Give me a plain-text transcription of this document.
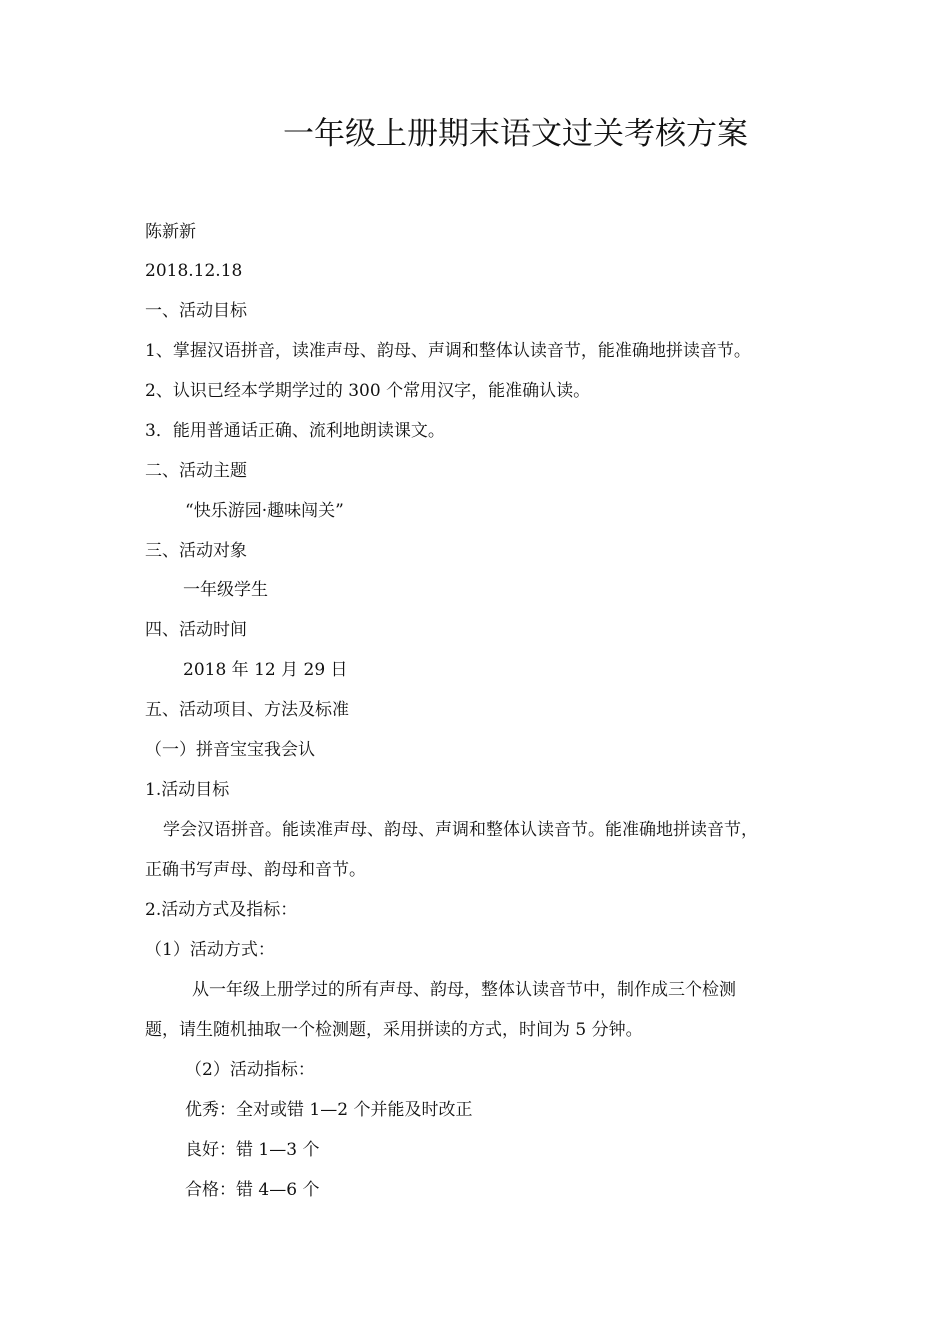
一年级上册期末语文过关考核方案

陈新新

2018.12.18

一、活动目标

1、掌握汉语拼音，读准声母、韵母、声调和整体认读音节，能准确地拼读音节。

2、认识已经本学期学过的 300 个常用汉字，能准确认读。

3．能用普通话正确、流利地朗读课文。

二、活动主题

“快乐游园·趣味闯关”

三、活动对象

一年级学生

四、活动时间

2018 年 12 月 29 日

五、活动项目、方法及标准

（一）拼音宝宝我会认

1.活动目标

学会汉语拼音。能读准声母、韵母、声调和整体认读音节。能准确地拼读音节，

正确书写声母、韵母和音节。

2.活动方式及指标：

（1）活动方式：

从一年级上册学过的所有声母、韵母，整体认读音节中，制作成三个检测

题，请生随机抽取一个检测题，采用拼读的方式，时间为 5 分钟。

（2）活动指标：

优秀：全对或错 1—2 个并能及时改正

良好：错 1—3 个

合格：错 4—6 个
